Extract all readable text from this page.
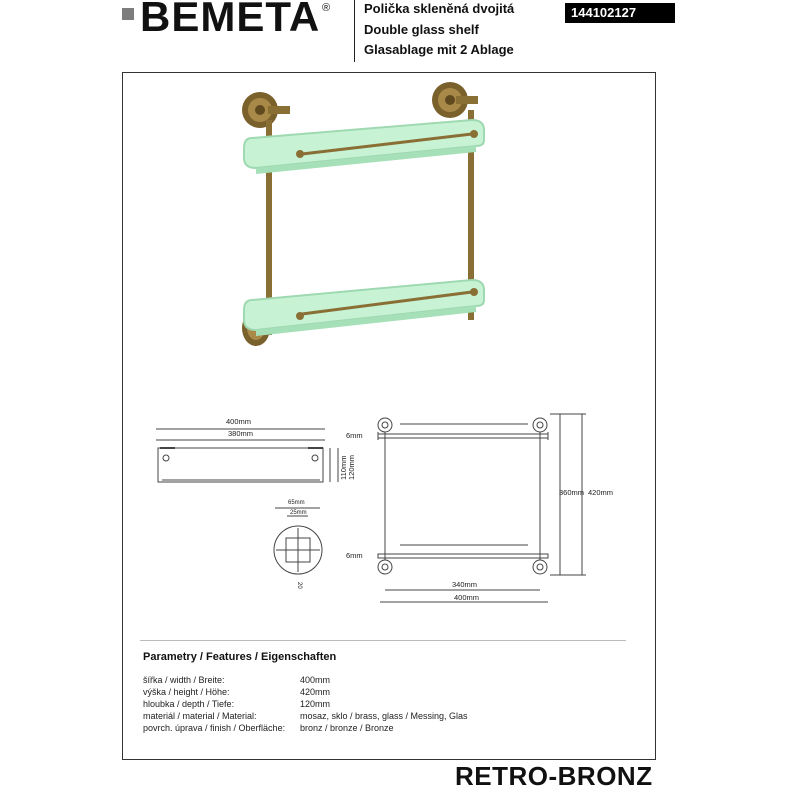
BEMETA ®	Polička skleněná dvojitá
Double glass shelf
Glasablage mit 2 Ablage
144102127
400mm
380mm
110mm 120mm
65mm
25mm
20
6mm
6mm
360mm 420mm
340mm
400mm
Parametry / Features / Eigenschaften
šířka / width / Breite:	400mm
výška / height / Höhe:	420mm
hloubka / depth / Tiefe:	120mm
materiál / material / Material:	mosaz, sklo / brass, glass / Messing, Glas
povrch. úprava / finish / Oberfläche: bronz / bronze / Bronze
RETRO-BRONZ
